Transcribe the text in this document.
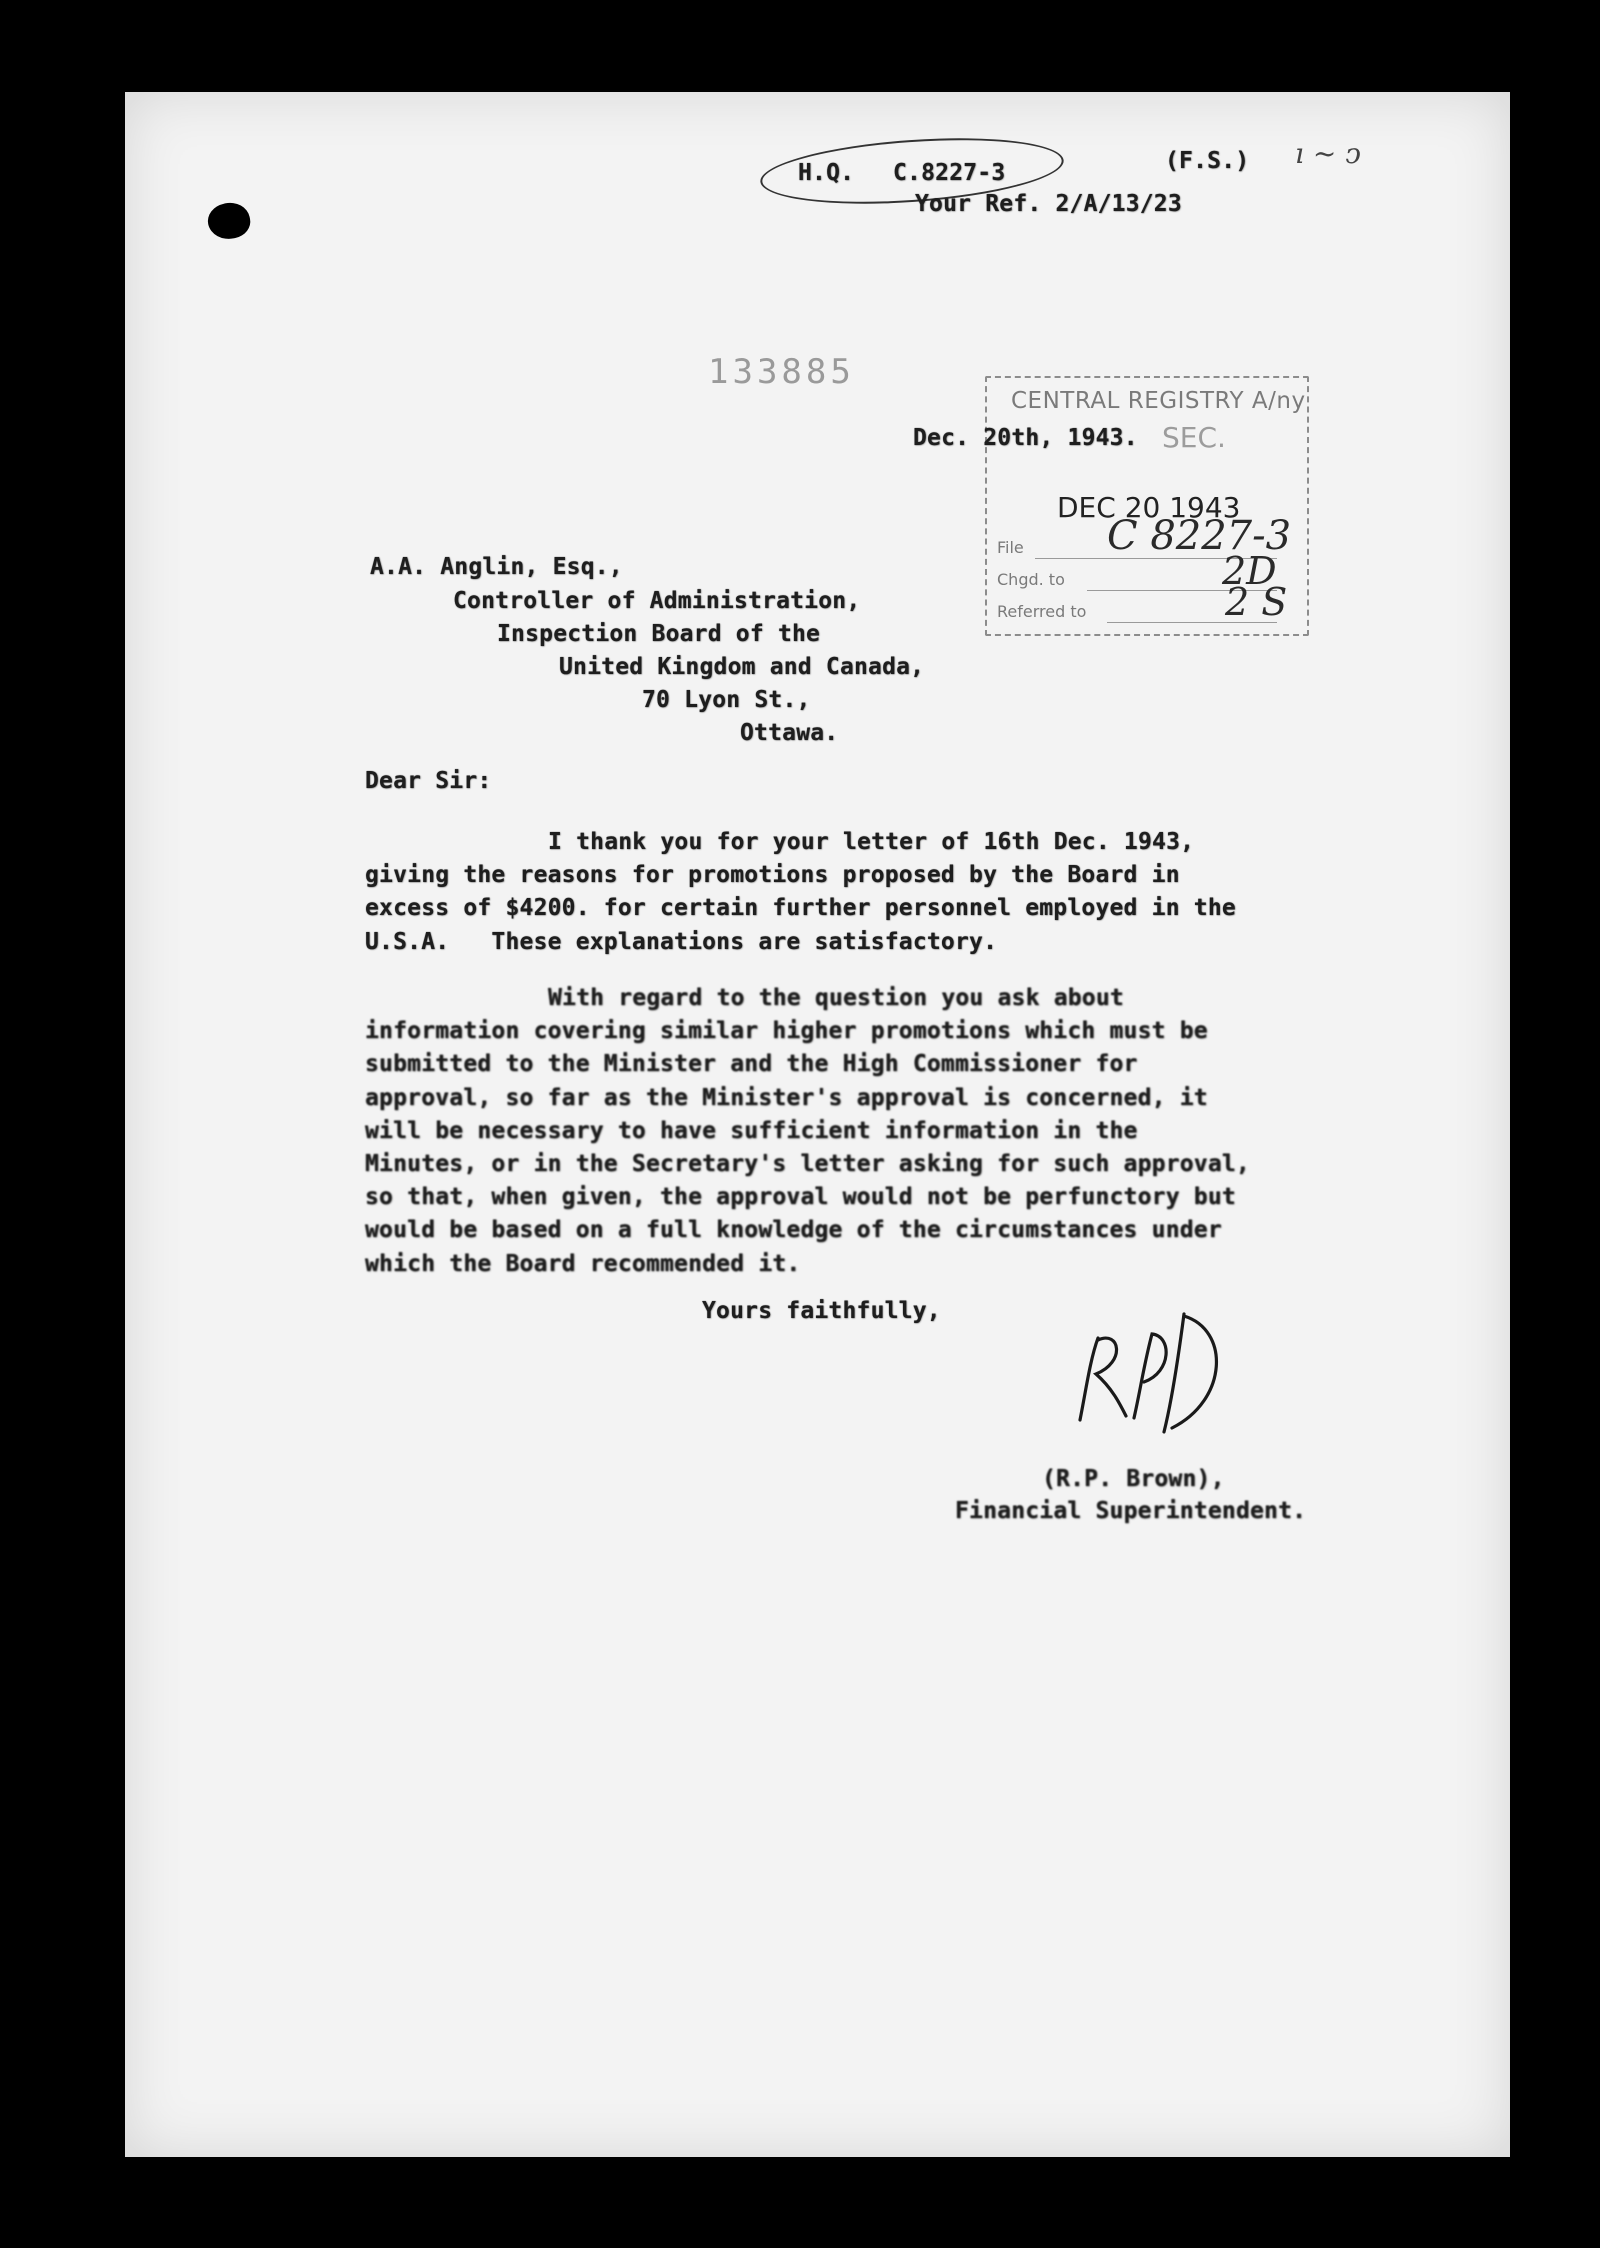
H.Q. C.8227-3	(F.S.) ı ~ ↄ
Your Ref. 2/A/13/23
133885
CENTRAL REGISTRY A/ny
SEC.
DEC 20 1943
File C 8227-3
Chgd. to	2D
Referred to	2 S
Dec. 20th, 1943.
A.A. Anglin, Esq.,
Controller of Administration,
Inspection Board of the
United Kingdom and Canada,
70 Lyon St.,
Ottawa.
Dear Sir:
I thank you for your letter of 16th Dec. 1943,
giving the reasons for promotions proposed by the Board in
excess of $4200. for certain further personnel employed in the
U.S.A.   These explanations are satisfactory.
With regard to the question you ask about
information covering similar higher promotions which must be
submitted to the Minister and the High Commissioner for
approval, so far as the Minister's approval is concerned, it
will be necessary to have sufficient information in the
Minutes, or in the Secretary's letter asking for such approval,
so that, when given, the approval would not be perfunctory but
would be based on a full knowledge of the circumstances under
which the Board recommended it.
Yours faithfully,
(R.P. Brown),
Financial Superintendent.
